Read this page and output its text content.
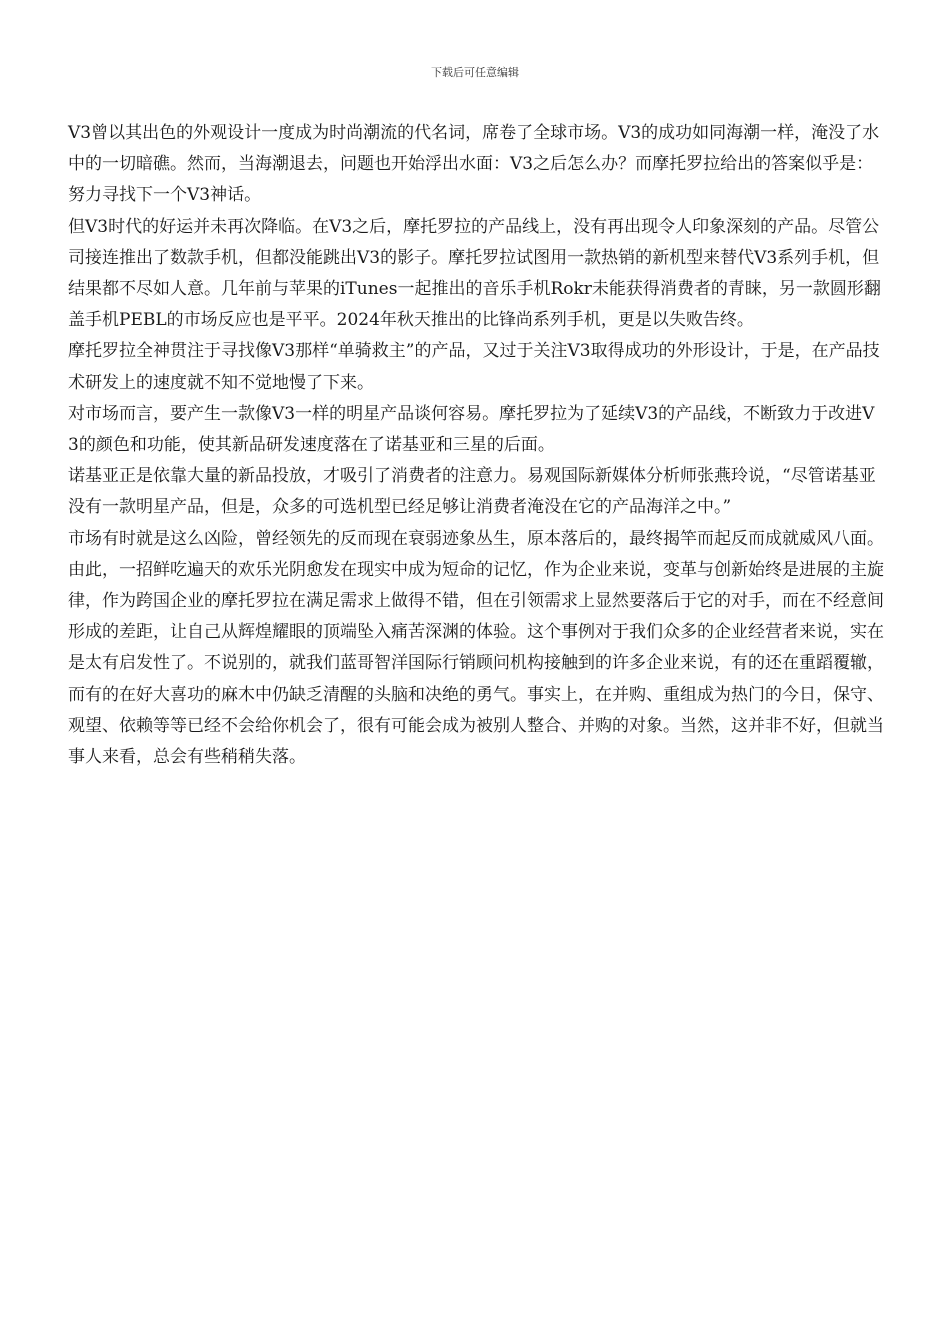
下载后可任意编辑

V3曾以其出色的外观设计一度成为时尚潮流的代名词，席卷了全球市场。V3的成功如同海潮一样，淹没了水中的一切暗礁。然而，当海潮退去，问题也开始浮出水面：V3之后怎么办？而摩托罗拉给出的答案似乎是：努力寻找下一个V3神话。

但V3时代的好运并未再次降临。在V3之后，摩托罗拉的产品线上，没有再出现令人印象深刻的产品。尽管公司接连推出了数款手机，但都没能跳出V3的影子。摩托罗拉试图用一款热销的新机型来替代V3系列手机，但结果都不尽如人意。几年前与苹果的iTunes一起推出的音乐手机Rokr未能获得消费者的青睐，另一款圆形翻盖手机PEBL的市场反应也是平平。2024年秋天推出的比锋尚系列手机，更是以失败告终。

摩托罗拉全神贯注于寻找像V3那样“单骑救主”的产品，又过于关注V3取得成功的外形设计，于是，在产品技术研发上的速度就不知不觉地慢了下来。

对市场而言，要产生一款像V3一样的明星产品谈何容易。摩托罗拉为了延续V3的产品线，不断致力于改进V3的颜色和功能，使其新品研发速度落在了诺基亚和三星的后面。

诺基亚正是依靠大量的新品投放，才吸引了消费者的注意力。易观国际新媒体分析师张燕玲说，“尽管诺基亚没有一款明星产品，但是，众多的可选机型已经足够让消费者淹没在它的产品海洋之中。”

市场有时就是这么凶险，曾经领先的反而现在衰弱迹象丛生，原本落后的，最终揭竿而起反而成就威风八面。由此，一招鲜吃遍天的欢乐光阴愈发在现实中成为短命的记忆，作为企业来说，变革与创新始终是进展的主旋律，作为跨国企业的摩托罗拉在满足需求上做得不错，但在引领需求上显然要落后于它的对手，而在不经意间形成的差距，让自己从辉煌耀眼的顶端坠入痛苦深渊的体验。这个事例对于我们众多的企业经营者来说，实在是太有启发性了。不说别的，就我们蓝哥智洋国际行销顾问机构接触到的许多企业来说，有的还在重蹈覆辙，而有的在好大喜功的麻木中仍缺乏清醒的头脑和决绝的勇气。事实上，在并购、重组成为热门的今日，保守、观望、依赖等等已经不会给你机会了，很有可能会成为被别人整合、并购的对象。当然，这并非不好，但就当事人来看，总会有些稍稍失落。
